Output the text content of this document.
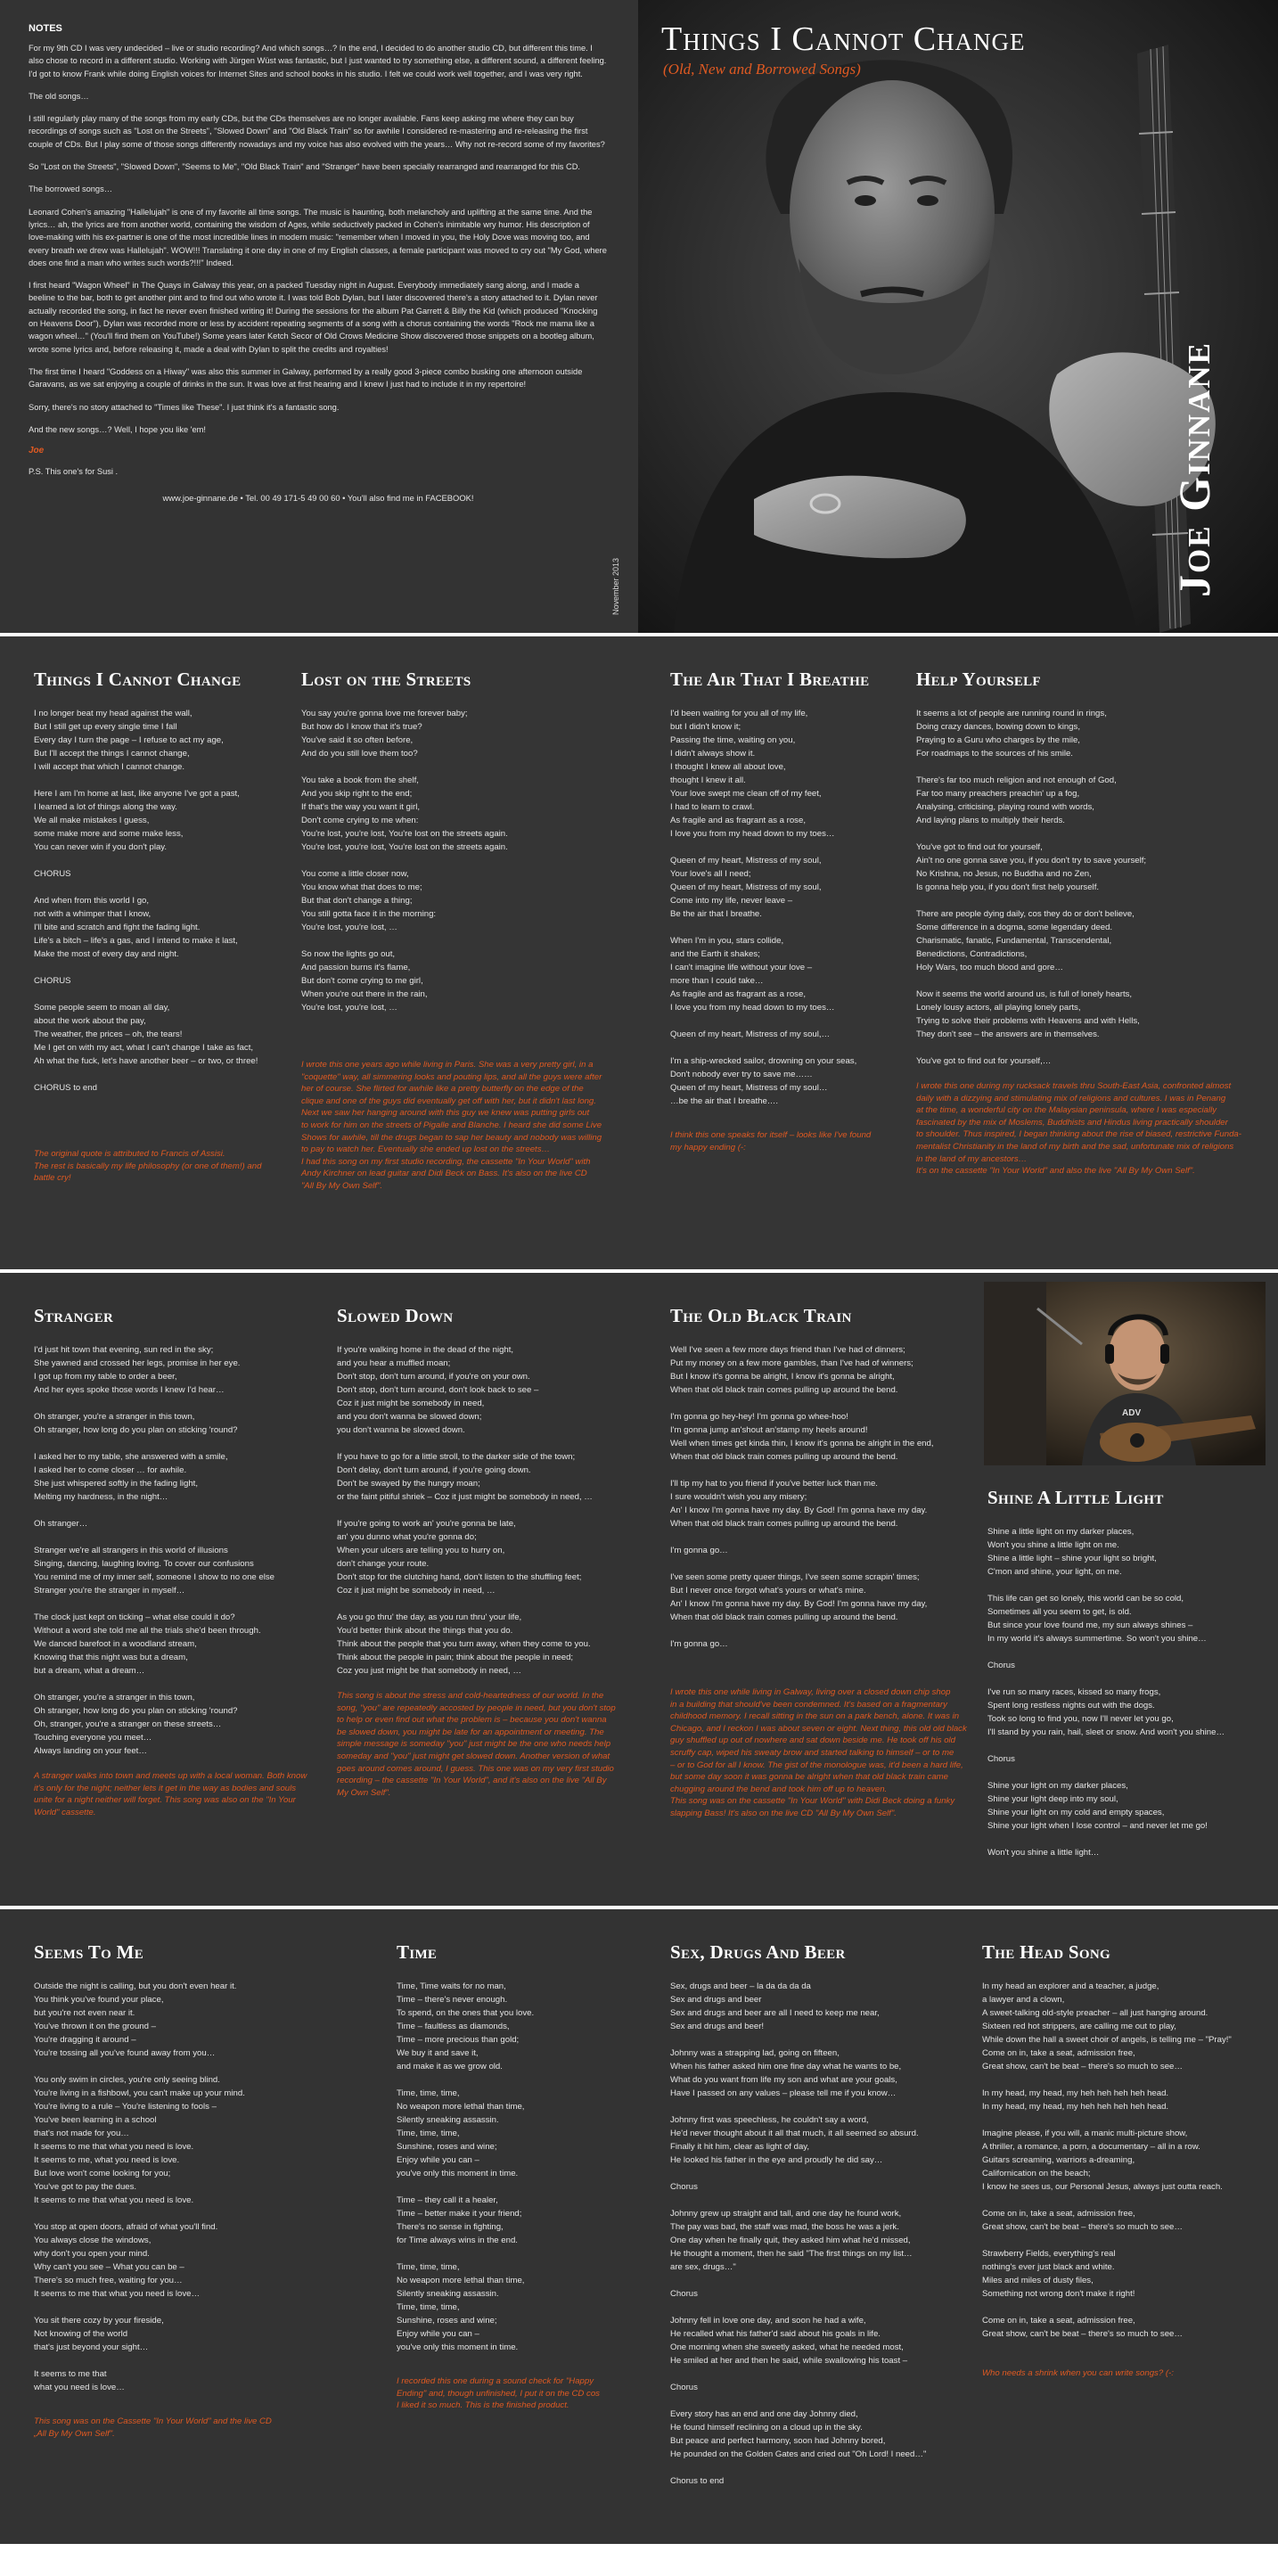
NOTES

For my 9th CD I was very undecided – live or studio recording? And which songs…? In the end, I decided to do another studio CD, but different this time. I also chose to record in a different studio. Working with Jürgen Wüst was fantastic, but I just wanted to try something else, a different sound, a different feeling. I'd got to know Frank while doing English voices for Internet Sites and school books in his studio. I felt we could work well together, and I was very right.

The old songs…

I still regularly play many of the songs from my early CDs, but the CDs themselves are no longer available. Fans keep asking me where they can buy recordings of songs such as "Lost on the Streets", "Slowed Down" and "Old Black Train" so for awhile I considered re-mastering and re-releasing the first couple of CDs. But I play some of those songs differently nowadays and my voice has also evolved with the years… Why not re-record some of my favorites?

So "Lost on the Streets", "Slowed Down", "Seems to Me", "Old Black Train" and "Stranger" have been specially rearranged and rearranged for this CD.

The borrowed songs…

Leonard Cohen's amazing "Hallelujah" is one of my favorite all time songs. The music is haunting, both melancholy and uplifting at the same time. And the lyrics… ah, the lyrics are from another world, containing the wisdom of Ages, while seductively packed in Cohen's inimitable wry humor. His description of love-making with his ex-partner is one of the most incredible lines in modern music: "remember when I moved in you, the Holy Dove was moving too, and every breath we drew was Hallelujah". WOW!!! Translating it one day in one of my English classes, a female participant was moved to cry out "My God, where does one find a man who writes such words?!!!" Indeed.

I first heard "Wagon Wheel" in The Quays in Galway this year, on a packed Tuesday night in August. Everybody immediately sang along, and I made a beeline to the bar, both to get another pint and to find out who wrote it. I was told Bob Dylan, but I later discovered there's a story attached to it. Dylan never actually recorded the song, in fact he never even finished writing it! During the sessions for the album Pat Garrett & Billy the Kid (which produced "Knocking on Heavens Door"), Dylan was recorded more or less by accident repeating segments of a song with a chorus containing the words "Rock me mama like a wagon wheel…" (You'll find them on YouTube!) Some years later Ketch Secor of Old Crows Medicine Show discovered those snippets on a bootleg album, wrote some lyrics and, before releasing it, made a deal with Dylan to split the credits and royalties!

The first time I heard "Goddess on a Hiway" was also this summer in Galway, performed by a really good 3-piece combo busking one afternoon outside Garavans, as we sat enjoying a couple of drinks in the sun. It was love at first hearing and I knew I just had to include it in my repertoire!

Sorry, there's no story attached to "Times like These". I just think it's a fantastic song.

And the new songs…? Well, I hope you like 'em!

Joe

P.S. This one's for Susi .

www.joe-ginnane.de • Tel. 00 49 171-5 49 00 60 • You'll also find me in FACEBOOK!

Things I Cannot Change
(Old, New and Borrowed Songs)
Joe Ginnane
November 2013
Things I Cannot Change
I no longer beat my head against the wall,
But I still get up every single time I fall
Every day I turn the page – I refuse to act my age,
But I'll accept the things I cannot change,
I will accept that which I cannot change.

Here I am I'm home at last, like anyone I've got a past,
I learned a lot of things along the way.
We all make mistakes I guess,
some make more and some make less,
You can never win if you don't play.

CHORUS

And when from this world I go,
not with a whimper that I know,
I'll bite and scratch and fight the fading light.
Life's a bitch – life's a gas, and I intend to make it last,
Make the most of every day and night.

CHORUS

Some people seem to moan all day,
about the work about the pay,
The weather, the prices – oh, the tears!
Me I get on with my act, what I can't change I take as fact,
Ah what the fuck, let's have another beer – or two, or three!

CHORUS to end
The original quote is attributed to Francis of Assisi.
The rest is basically my life philosophy (or one of them!) and
battle cry!
Lost on the Streets
You say you're gonna love me forever baby;
But how do I know that it's true?
You've said it so often before,
And do you still love them too?

You take a book from the shelf,
And you skip right to the end;
If that's the way you want it girl,
Don't come crying to me when:
You're lost, you're lost, You're lost on the streets again.
You're lost, you're lost, You're lost on the streets again.

You come a little closer now,
You know what that does to me;
But that don't change a thing;
You still gotta face it in the morning:
You're lost, you're lost, …

So now the lights go out,
And passion burns it's flame,
But don't come crying to me girl,
When you're out there in the rain,
You're lost, you're lost, …
I wrote this one years ago while living in Paris. She was a very pretty girl, in a
"coquette" way, all simmering looks and pouting lips, and all the guys were after
her of course. She flirted for awhile like a pretty butterfly on the edge of the
clique and one of the guys did eventually get off with her, but it didn't last long.
Next we saw her hanging around with this guy we knew was putting girls out
to work for him on the streets of Pigalle and Blanche. I heard she did some Live
Shows for awhile, till the drugs began to sap her beauty and nobody was willing
to pay to watch her. Eventually she ended up lost on the streets…
I had this song on my first studio recording, the cassette "In Your World" with
Andy Kirchner on lead guitar and Didi Beck on Bass. It's also on the live CD
"All By My Own Self".
The Air That I Breathe
I'd been waiting for you all of my life,
but I didn't know it;
Passing the time, waiting on you,
I didn't always show it.
I thought I knew all about love,
thought I knew it all.
Your love swept me clean off of my feet,
I had to learn to crawl.
As fragile and as fragrant as a rose,
I love you from my head down to my toes…

Queen of my heart, Mistress of my soul,
Your love's all I need;
Queen of my heart, Mistress of my soul,
Come into my life, never leave –
Be the air that I breathe.

When I'm in you, stars collide,
and the Earth it shakes;
I can't imagine life without your love –
more than I could take…
As fragile and as fragrant as a rose,
I love you from my head down to my toes…

Queen of my heart, Mistress of my soul,…

I'm a ship-wrecked sailor, drowning on your seas,
Don't nobody ever try to save me……
Queen of my heart, Mistress of my soul…
…be the air that I breathe….
I think this one speaks for itself – looks like I've found
my happy ending (-:
Help Yourself
It seems a lot of people are running round in rings,
Doing crazy dances, bowing down to kings,
Praying to a Guru who charges by the mile,
For roadmaps to the sources of his smile.

There's far too much religion and not enough of God,
Far too many preachers preachin' up a fog,
Analysing, criticising, playing round with words,
And laying plans to multiply their herds.

You've got to find out for yourself,
Ain't no one gonna save you, if you don't try to save yourself;
No Krishna, no Jesus, no Buddha and no Zen,
Is gonna help you, if you don't first help yourself.

There are people dying daily, cos they do or don't believe,
Some difference in a dogma, some legendary deed.
Charismatic, fanatic, Fundamental, Transcendental,
Benedictions, Contradictions,
Holy Wars, too much blood and gore…

Now it seems the world around us, is full of lonely hearts,
Lonely lousy actors, all playing lonely parts,
Trying to solve their problems with Heavens and with Hells,
They don't see – the answers are in themselves.

You've got to find out for yourself,…
I wrote this one during my rucksack travels thru South-East Asia, confronted almost
daily with a dizzying and stimulating mix of religions and cultures. I was in Penang
at the time, a wonderful city on the Malaysian peninsula, where I was especially
fascinated by the mix of Moslems, Buddhists and Hindus living practically shoulder
to shoulder. Thus inspired, I began thinking about the rise of biased, restrictive Funda-
mentalist Christianity in the land of my birth and the sad, unfortunate mix of religions
in the land of my ancestors…
It's on the cassette "In Your World" and also the live "All By My Own Self".
Stranger
I'd just hit town that evening, sun red in the sky;
She yawned and crossed her legs, promise in her eye.
I got up from my table to order a beer,
And her eyes spoke those words I knew I'd hear…

Oh stranger, you're a stranger in this town,
Oh stranger, how long do you plan on sticking 'round?

I asked her to my table, she answered with a smile,
I asked her to come closer … for awhile.
She just whispered softly in the fading light,
Melting my hardness, in the night…

Oh stranger…

Stranger we're all strangers in this world of illusions
Singing, dancing, laughing loving. To cover our confusions
You remind me of my inner self, someone I show to no one else
Stranger you're the stranger in myself…

The clock just kept on ticking – what else could it do?
Without a word she told me all the trials she'd been through.
We danced barefoot in a woodland stream,
Knowing that this night was but a dream,
but a dream, what a dream…

Oh stranger, you're a stranger in this town,
Oh stranger, how long do you plan on sticking 'round?
Oh, stranger, you're a stranger on these streets…
Touching everyone you meet…
Always landing on your feet…
A stranger walks into town and meets up with a local woman. Both know
it's only for the night; neither lets it get in the way as bodies and souls
unite for a night neither will forget. This song was also on the "In Your
World" cassette.
Slowed Down
If you're walking home in the dead of the night,
and you hear a muffled moan;
Don't stop, don't turn around, if you're on your own.
Don't stop, don't turn around, don't look back to see –
Coz it just might be somebody in need,
and you don't wanna be slowed down;
you don't wanna be slowed down.

If you have to go for a little stroll, to the darker side of the town;
Don't delay, don't turn around, if you're going down.
Don't be swayed by the hungry moan;
or the faint pitiful shriek – Coz it just might be somebody in need, …

If you're going to work an' you're gonna be late,
an' you dunno what you're gonna do;
When your ulcers are telling you to hurry on,
don't change your route.
Don't stop for the clutching hand, don't listen to the shuffling feet;
Coz it just might be somebody in need, …

As you go thru' the day, as you run thru' your life,
You'd better think about the things that you do.
Think about the people that you turn away, when they come to you.
Think about the people in pain; think about the people in need;
Coz you just might be that somebody in need, …
This song is about the stress and cold-heartedness of our world. In the
song, "you" are repeatedly accosted by people in need, but you don't stop
to help or even find out what the problem is – because you don't wanna
be slowed down, you might be late for an appointment or meeting. The
simple message is someday "you" just might be the one who needs help
someday and "you" just might get slowed down. Another version of what
goes around comes around, I guess. This one was on my very first studio
recording – the cassette "In Your World", and it's also on the live "All By
My Own Self".
The Old Black Train
Well I've seen a few more days friend than I've had of dinners;
Put my money on a few more gambles, than I've had of winners;
But I know it's gonna be alright, I know it's gonna be alright,
When that old black train comes pulling up around the bend.

I'm gonna go hey-hey! I'm gonna go whee-hoo!
I'm gonna jump an'shout an'stamp my heels around!
Well when times get kinda thin, I know it's gonna be alright in the end,
When that old black train comes pulling up around the bend.

I'll tip my hat to you friend if you've better luck than me.
I sure wouldn't wish you any misery;
An' I know I'm gonna have my day. By God! I'm gonna have my day.
When that old black train comes pulling up around the bend.

I'm gonna go…

I've seen some pretty queer things, I've seen some scrapin' times;
But I never once forgot what's yours or what's mine.
An' I know I'm gonna have my day. By God! I'm gonna have my day,
When that old black train comes pulling up around the bend.

I'm gonna go…
I wrote this one while living in Galway, living over a closed down chip shop
in a building that should've been condemned. It's based on a fragmentary
childhood memory. I recall sitting in the sun on a park bench, alone. It was in
Chicago, and I reckon I was about seven or eight. Next thing, this old old black
guy shuffled up out of nowhere and sat down beside me. He took off his old
scruffy cap, wiped his sweaty brow and started talking to himself – or to me
– or to God for all I know. The gist of the monologue was, it'd been a hard life,
but some day soon it was gonna be alright when that old black train came
chugging around the bend and took him off up to heaven.
This song was on the cassette "In Your World" with Didi Beck doing a funky
slapping Bass! It's also on the live CD "All By My Own Self".
ADV
Shine A Little Light
Shine a little light on my darker places,
Won't you shine a little light on me.
Shine a little light – shine your light so bright,
C'mon and shine, your light, on me.

This life can get so lonely, this world can be so cold,
Sometimes all you seem to get, is old.
But since your love found me, my sun always shines –
In my world it's always summertime. So won't you shine…

Chorus

I've run so many races, kissed so many frogs,
Spent long restless nights out with the dogs.
Took so long to find you, now I'll never let you go,
I'll stand by you rain, hail, sleet or snow. And won't you shine…

Chorus

Shine your light on my darker places,
Shine your light deep into my soul,
Shine your light on my cold and empty spaces,
Shine your light when I lose control – and never let me go!

Won't you shine a little light…
Seems To Me
Outside the night is calling, but you don't even hear it.
You think you've found your place,
but you're not even near it.
You've thrown it on the ground –
You're dragging it around –
You're tossing all you've found away from you…

You only swim in circles, you're only seeing blind.
You're living in a fishbowl, you can't make up your mind.
You're living to a rule – You're listening to fools –
You've been learning in a school
that's not made for you…
It seems to me that what you need is love.
It seems to me, what you need is love.
But love won't come looking for you;
You've got to pay the dues.
It seems to me that what you need is love.

You stop at open doors, afraid of what you'll find.
You always close the windows,
why don't you open your mind.
Why can't you see – What you can be –
There's so much free, waiting for you…
It seems to me that what you need is love…

You sit there cozy by your fireside,
Not knowing of the world
that's just beyond your sight…

It seems to me that
what you need is love…
This song was on the Cassette "In Your World" and the live CD
„All By My Own Self".
Time
Time, Time waits for no man,
Time – there's never enough.
To spend, on the ones that you love.
Time – faultless as diamonds,
Time – more precious than gold;
We buy it and save it,
and make it as we grow old.

Time, time, time,
No weapon more lethal than time,
Silently sneaking assassin.
Time, time, time,
Sunshine, roses and wine;
Enjoy while you can –
you've only this moment in time.

Time – they call it a healer,
Time – better make it your friend;
There's no sense in fighting,
for Time always wins in the end.

Time, time, time,
No weapon more lethal than time,
Silently sneaking assassin.
Time, time, time,
Sunshine, roses and wine;
Enjoy while you can –
you've only this moment in time.
I recorded this one during a sound check for "Happy
Ending" and, though unfinished, I put it on the CD cos
I liked it so much. This is the finished product.
Sex, Drugs And Beer
Sex, drugs and beer – la da da da da
Sex and drugs and beer
Sex and drugs and beer are all I need to keep me near,
Sex and drugs and beer!

Johnny was a strapping lad, going on fifteen,
When his father asked him one fine day what he wants to be,
What do you want from life my son and what are your goals,
Have I passed on any values – please tell me if you know…

Johnny first was speechless, he couldn't say a word,
He'd never thought about it all that much, it all seemed so absurd.
Finally it hit him, clear as light of day,
He looked his father in the eye and proudly he did say…

Chorus

Johnny grew up straight and tall, and one day he found work,
The pay was bad, the staff was mad, the boss he was a jerk.
One day when he finally quit, they asked him what he'd missed,
He thought a moment, then he said "The first things on my list…
are sex, drugs…"

Chorus

Johnny fell in love one day, and soon he had a wife,
He recalled what his father'd said about his goals in life.
One morning when she sweetly asked, what he needed most,
He smiled at her and then he said, while swallowing his toast –

Chorus

Every story has an end and one day Johnny died,
He found himself reclining on a cloud up in the sky.
But peace and perfect harmony, soon had Johnny bored,
He pounded on the Golden Gates and cried out "Oh Lord! I need…"

Chorus to end
The Head Song
In my head an explorer and a teacher, a judge,
a lawyer and a clown,
A sweet-talking old-style preacher – all just hanging around.
Sixteen red hot strippers, are calling me out to play,
While down the hall a sweet choir of angels, is telling me – "Pray!"
Come on in, take a seat, admission free,
Great show, can't be beat – there's so much to see…

In my head, my head, my heh heh heh heh head.
In my head, my head, my heh heh heh heh head.

Imagine please, if you will, a manic multi-picture show,
A thriller, a romance, a porn, a documentary – all in a row.
Guitars screaming, warriors a-dreaming,
Californication on the beach;
I know he sees us, our Personal Jesus, always just outta reach.

Come on in, take a seat, admission free,
Great show, can't be beat – there's so much to see…

Strawberry Fields, everything's real
nothing's ever just black and white.
Miles and miles of dusty files,
Something not wrong don't make it right!

Come on in, take a seat, admission free,
Great show, can't be beat – there's so much to see…
Who needs a shrink when you can write songs? (-:
